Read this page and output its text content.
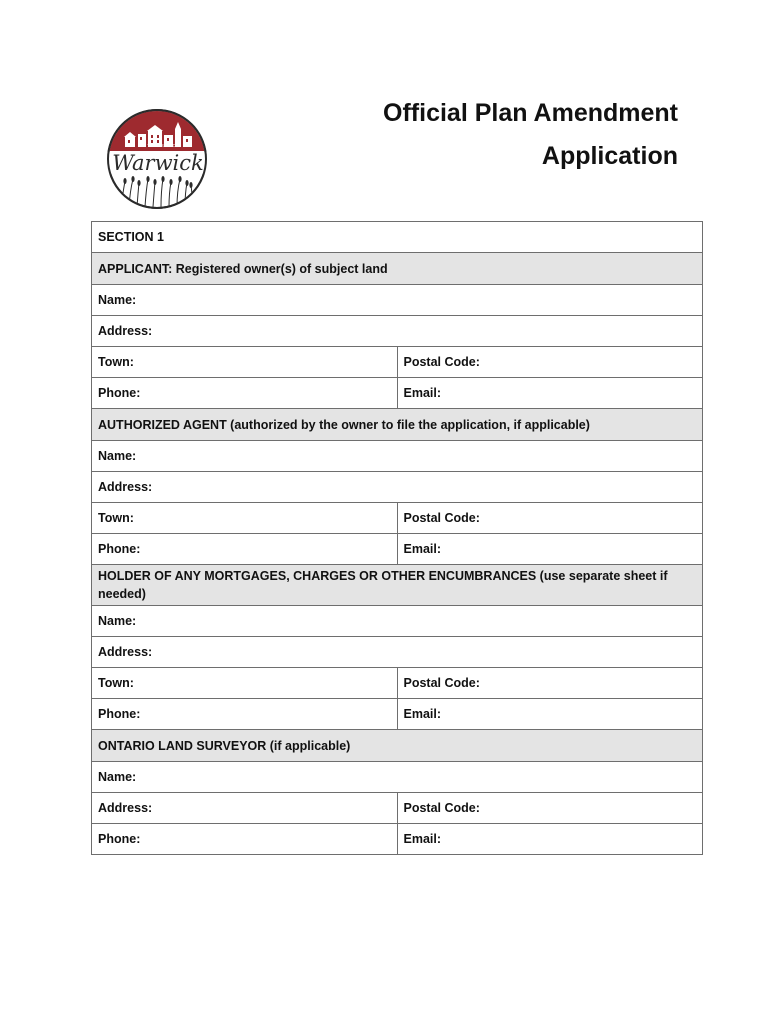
TOWNSHIP OF
Warwick
Official Plan Amendment
Application
SECTION 1	
APPLICANT: Registered owner(s) of subject land	
Name:	
Address:	
Town:	Postal Code:
Phone:	Email:
AUTHORIZED AGENT (authorized by the owner to file the application, if applicable)	
Name:	
Address:	
Town:	Postal Code:
Phone:	Email:
HOLDER OF ANY MORTGAGES, CHARGES OR OTHER ENCUMBRANCES (use separate sheet if needed)	
Name:	
Address:	
Town:	Postal Code:
Phone:	Email:
ONTARIO LAND SURVEYOR (if applicable)	
Name:	
Address:	Postal Code:
Phone:	Email:
